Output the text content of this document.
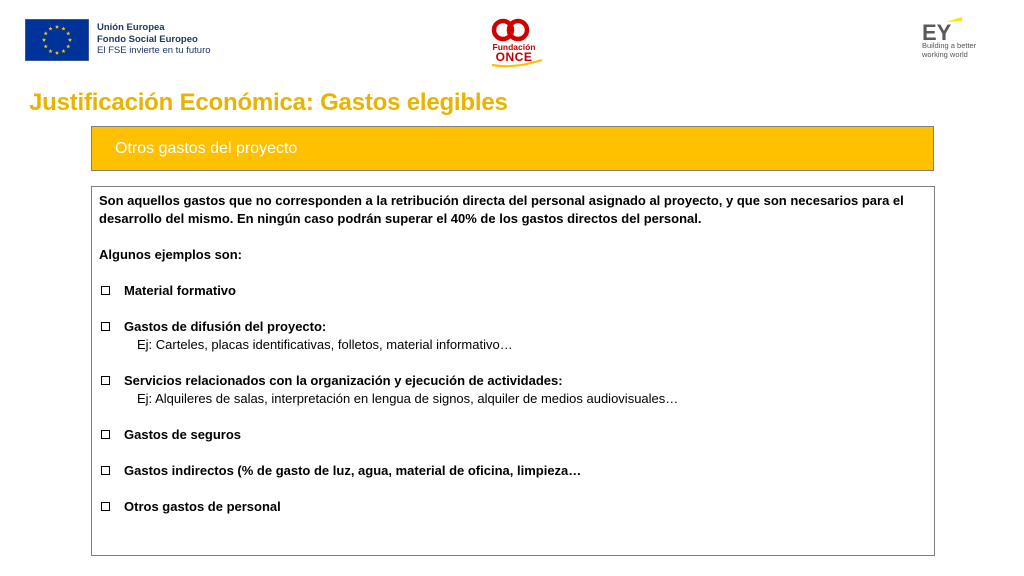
Unión Europea
Fondo Social Europeo
El FSE invierte en tu futuro	Fundación
ONCE
EY
Building a better
working world
Justificación Económica: Gastos elegibles
Otros gastos del proyecto

Son aquellos gastos que no corresponden a la retribución directa del personal asignado al proyecto, y que son necesarios para el desarrollo del mismo. En ningún caso podrán superar el 40% de los gastos directos del personal.

Algunos ejemplos son:

Material formativo
Gastos de difusión del proyecto:
Ej: Carteles, placas identificativas, folletos, material informativo…
Servicios relacionados con la organización y ejecución de actividades:
Ej: Alquileres de salas, interpretación en lengua de signos, alquiler de medios audiovisuales…
Gastos de seguros
Gastos indirectos (% de gasto de luz, agua, material de oficina, limpieza…
Otros gastos de personal
